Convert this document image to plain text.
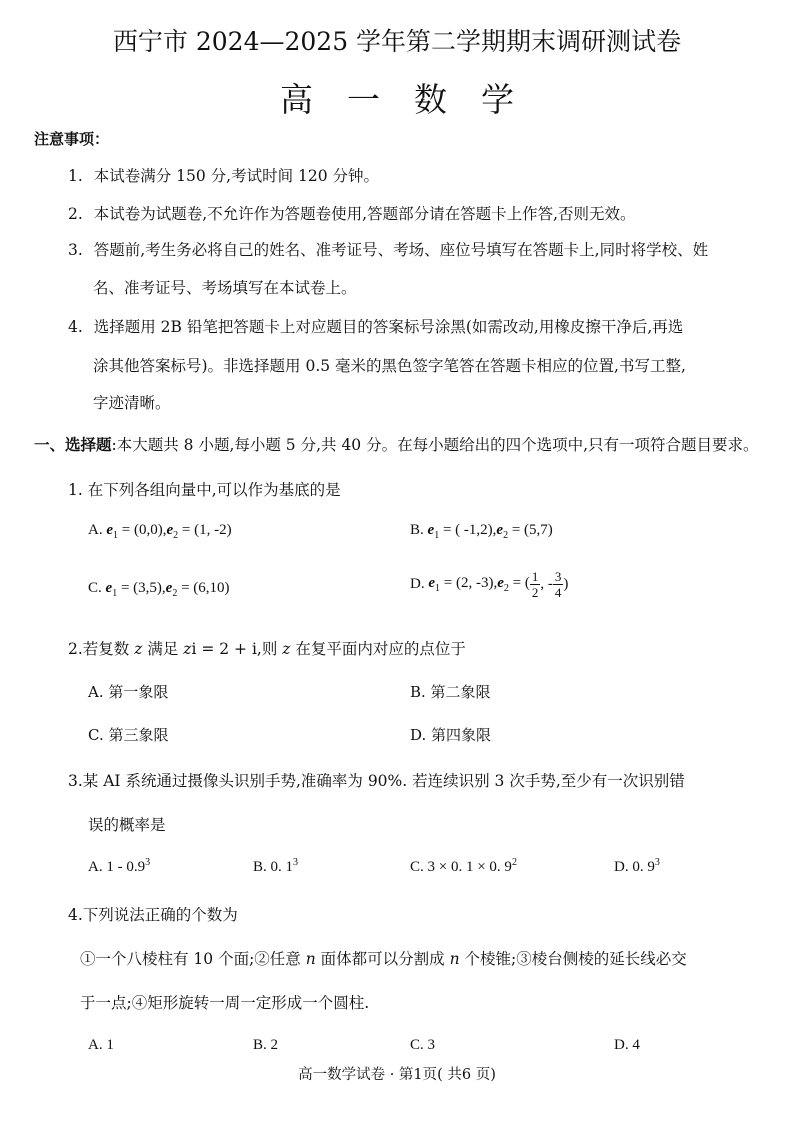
西宁市 2024—2025 学年第二学期期末调研测试卷
高一数学
注意事项：
1. 本试卷满分 150 分,考试时间 120 分钟。
2. 本试卷为试题卷,不允许作为答题卷使用,答题部分请在答题卡上作答,否则无效。
3. 答题前,考生务必将自己的姓名、准考证号、考场、座位号填写在答题卡上,同时将学校、姓
名、准考证号、考场填写在本试卷上。
4. 选择题用 2B 铅笔把答题卡上对应题目的答案标号涂黑(如需改动,用橡皮擦干净后,再选
涂其他答案标号)。非选择题用 0.5 毫米的黑色签字笔答在答题卡相应的位置,书写工整,
字迹清晰。
一、选择题:本大题共 8 小题,每小题 5 分,共 40 分。在每小题给出的四个选项中,只有一项符合题目要求。
1. 在下列各组向量中,可以作为基底的是
A. $e_1 = (0,0),e_2 = (1$, -2)	B. $e_1$ = ( $-1,2),e_2 = (5,7)$
C. $e_1 = (3,5),e_2 = (6,10)$	D. $e_1 = (2$, $-3),e_2$ = ( $\frac{1}{2}$ , - $\frac{3}{4}$ )
2.若复数 z 满足 zi = 2 + i,则 z 在复平面内对应的点位于
A. 第一象限	B. 第二象限
C. 第三象限	D. 第四象限
3.某 AI 系统通过摄像头识别手势,准确率为 90%. 若连续识别 3 次手势,至少有一次识别错
误的概率是
A. $1 - 0.9^3$	B. 0. $1^3$	C. 3 × 0. 1 × 0. $9^2$	D. 0. $9^3$
4.下列说法正确的个数为
①一个八棱柱有 10 个面;②任意 n 面体都可以分割成 n 个棱锥;③棱台侧棱的延长线必交
于一点;④矩形旋转一周一定形成一个圆柱.
A. 1	B. 2	C. 3	D. 4
高一数学试卷 · 第1页( 共6 页)
